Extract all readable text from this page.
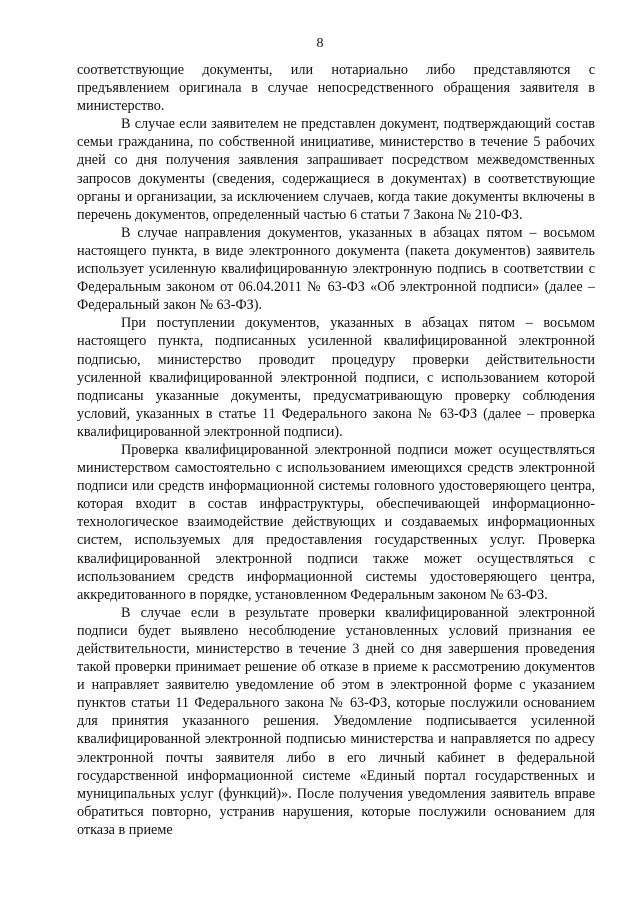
8

соответствующие документы, или нотариально либо представляются с предъявлением оригинала в случае непосредственного обращения заявителя в министерство.

В случае если заявителем не представлен документ, подтверждающий состав семьи гражданина, по собственной инициативе, министерство в течение 5 рабочих дней со дня получения заявления запрашивает посредством межведомственных запросов документы (сведения, содержащиеся в документах) в соответствующие органы и организации, за исключением случаев, когда такие документы включены в перечень документов, определенный частью 6 статьи 7 Закона № 210-ФЗ.

В случае направления документов, указанных в абзацах пятом – восьмом настоящего пункта, в виде электронного документа (пакета документов) заявитель использует усиленную квалифицированную электронную подпись в соответствии с Федеральным законом от 06.04.2011 № 63-ФЗ «Об электронной подписи» (далее – Федеральный закон № 63-ФЗ).

При поступлении документов, указанных в абзацах пятом – восьмом настоящего пункта, подписанных усиленной квалифицированной электронной подписью, министерство проводит процедуру проверки действительности усиленной квалифицированной электронной подписи, с использованием которой подписаны указанные документы, предусматривающую проверку соблюдения условий, указанных в статье 11 Федерального закона № 63-ФЗ (далее – проверка квалифицированной электронной подписи).

Проверка квалифицированной электронной подписи может осуществляться министерством самостоятельно с использованием имеющихся средств электронной подписи или средств информационной системы головного удостоверяющего центра, которая входит в состав инфраструктуры, обеспечивающей информационно-технологическое взаимодействие действующих и создаваемых информационных систем, используемых для предоставления государственных услуг. Проверка квалифицированной электронной подписи также может осуществляться с использованием средств информационной системы удостоверяющего центра, аккредитованного в порядке, установленном Федеральным законом № 63-ФЗ.

В случае если в результате проверки квалифицированной электронной подписи будет выявлено несоблюдение установленных условий признания ее действительности, министерство в течение 3 дней со дня завершения проведения такой проверки принимает решение об отказе в приеме к рассмотрению документов и направляет заявителю уведомление об этом в электронной форме с указанием пунктов статьи 11 Федерального закона № 63-ФЗ, которые послужили основанием для принятия указанного решения. Уведомление подписывается усиленной квалифицированной электронной подписью министерства и направляется по адресу электронной почты заявителя либо в его личный кабинет в федеральной государственной информационной системе «Единый портал государственных и муниципальных услуг (функций)». После получения уведомления заявитель вправе обратиться повторно, устранив нарушения, которые послужили основанием для отказа в приеме
